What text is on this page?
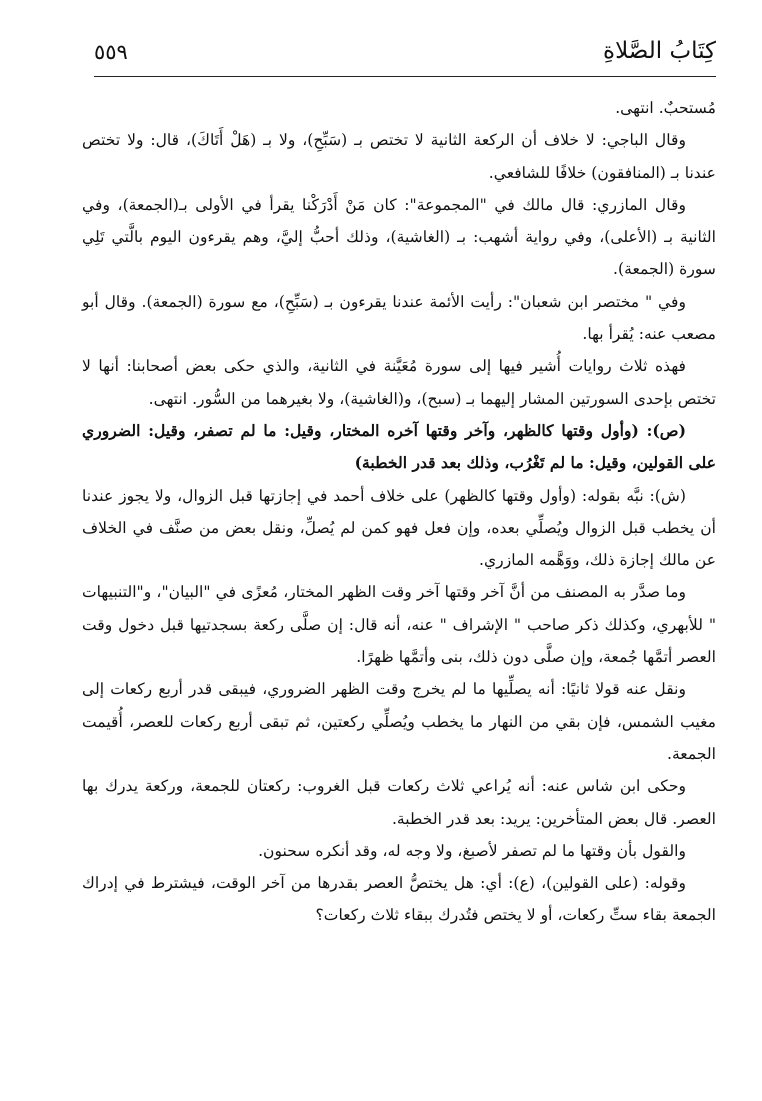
كِتَابُ الصَّلاةِ
٥٥٩

مُستحبٌ. انتهى.

وقال الباجي: لا خلاف أن الركعة الثانية لا تختص بـ (سَبِّحِ)، ولا بـ (هَلْ أَتَاكَ)، قال: ولا تختص عندنا بـ (المنافقون) خلافًا للشافعي.

وقال المازري: قال مالك في "المجموعة": كان مَنْ أَدْرَكْنا يقرأ في الأولى بـ(الجمعة)، وفي الثانية بـ (الأعلى)، وفي رواية أشهب: بـ (الغاشية)، وذلك أحبُّ إليَّ، وهم يقرءون اليوم بالَّتي تَلِي سورة (الجمعة).

وفي " مختصر ابن شعبان": رأيت الأئمة عندنا يقرءون بـ (سَبِّحِ)، مع سورة (الجمعة). وقال أبو مصعب عنه: يُقرأ بها.

فهذه ثلاث روايات أُشير فيها إلى سورة مُعَيَّنة في الثانية، والذي حكى بعض أصحابنا: أنها لا تختص بإحدى السورتين المشار إليهما بـ (سبح)، و(الغاشية)، ولا بغيرهما من السُّور. انتهى.

(ص): (وأول وقتها كالظهر، وآخر وقتها آخره المختار، وقيل: ما لم تصفر، وقيل: الضروري على القولين، وقيل: ما لم تَغْرُب، وذلك بعد قدر الخطبة)

(ش): نبَّه بقوله: (وأول وقتها كالظهر) على خلاف أحمد في إجازتها قبل الزوال، ولا يجوز عندنا أن يخطب قبل الزوال ويُصلِّي بعده، وإن فعل فهو كمن لم يُصلِّ، ونقل بعض من صنَّف في الخلاف عن مالك إجازة ذلك، ووَهَّمه المازري.

وما صدَّر به المصنف من أنَّ آخر وقتها آخر وقت الظهر المختار، مُعزًى في "البيان"، و"التنبيهات " للأبهري، وكذلك ذكر صاحب " الإشراف " عنه، أنه قال: إن صلَّى ركعة بسجدتيها قبل دخول وقت العصر أتمَّها جُمعة، وإن صلَّى دون ذلك، بنى وأتمَّها ظهرًا.

ونقل عنه قولا ثانيًا: أنه يصلِّيها ما لم يخرج وقت الظهر الضروري، فيبقى قدر أربع ركعات إلى مغيب الشمس، فإن بقي من النهار ما يخطب ويُصلِّي ركعتين، ثم تبقى أربع ركعات للعصر، أُقيمت الجمعة.

وحكى ابن شاس عنه: أنه يُراعي ثلاث ركعات قبل الغروب: ركعتان للجمعة، وركعة يدرك بها العصر. قال بعض المتأخرين: يريد: بعد قدر الخطبة.

والقول بأن وقتها ما لم تصفر لأصبغ، ولا وجه له، وقد أنكره سحنون.

وقوله: (على القولين)، (ع): أي: هل يختصُّ العصر بقدرها من آخر الوقت، فيشترط في إدراك الجمعة بقاء ستِّ ركعات، أو لا يختص فتُدرك ببقاء ثلاث ركعات؟
